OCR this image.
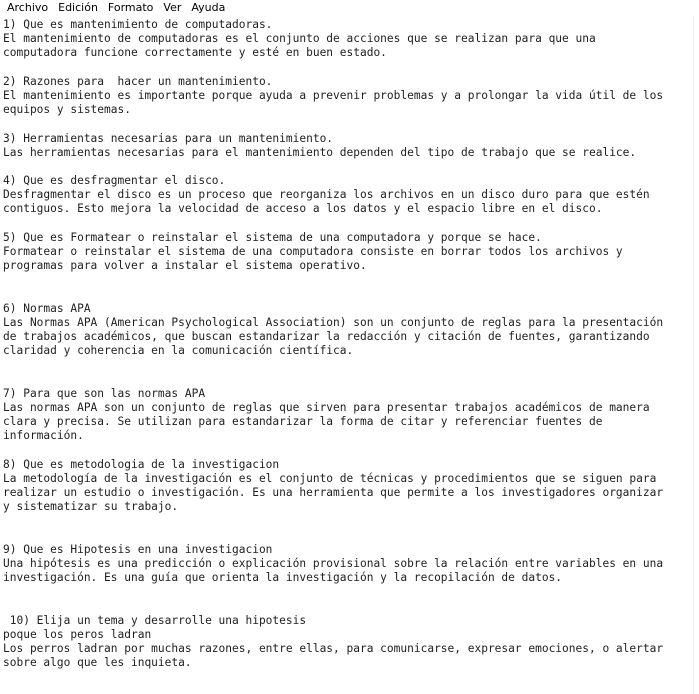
Archivo Edición Formato Ver Ayuda
1) Que es mantenimiento de computadoras.
El mantenimiento de computadoras es el conjunto de acciones que se realizan para que una
computadora funcione correctamente y esté en buen estado.
2) Razones para  hacer un mantenimiento.
El mantenimiento es importante porque ayuda a prevenir problemas y a prolongar la vida útil de los
equipos y sistemas.
3) Herramientas necesarias para un mantenimiento.
Las herramientas necesarias para el mantenimiento dependen del tipo de trabajo que se realice.
4) Que es desfragmentar el disco.
Desfragmentar el disco es un proceso que reorganiza los archivos en un disco duro para que estén
contiguos. Esto mejora la velocidad de acceso a los datos y el espacio libre en el disco.
5) Que es Formatear o reinstalar el sistema de una computadora y porque se hace.
Formatear o reinstalar el sistema de una computadora consiste en borrar todos los archivos y
programas para volver a instalar el sistema operativo.
6) Normas APA
Las Normas APA (American Psychological Association) son un conjunto de reglas para la presentación
de trabajos académicos, que buscan estandarizar la redacción y citación de fuentes, garantizando
claridad y coherencia en la comunicación científica.
7) Para que son las normas APA
Las normas APA son un conjunto de reglas que sirven para presentar trabajos académicos de manera
clara y precisa. Se utilizan para estandarizar la forma de citar y referenciar fuentes de
información.
8) Que es metodologia de la investigacion
La metodología de la investigación es el conjunto de técnicas y procedimientos que se siguen para
realizar un estudio o investigación. Es una herramienta que permite a los investigadores organizar
y sistematizar su trabajo.
9) Que es Hipotesis en una investigacion
Una hipótesis es una predicción o explicación provisional sobre la relación entre variables en una
investigación. Es una guía que orienta la investigación y la recopilación de datos.
10) Elija un tema y desarrolle una hipotesis
poque los peros ladran
Los perros ladran por muchas razones, entre ellas, para comunicarse, expresar emociones, o alertar
sobre algo que les inquieta.
